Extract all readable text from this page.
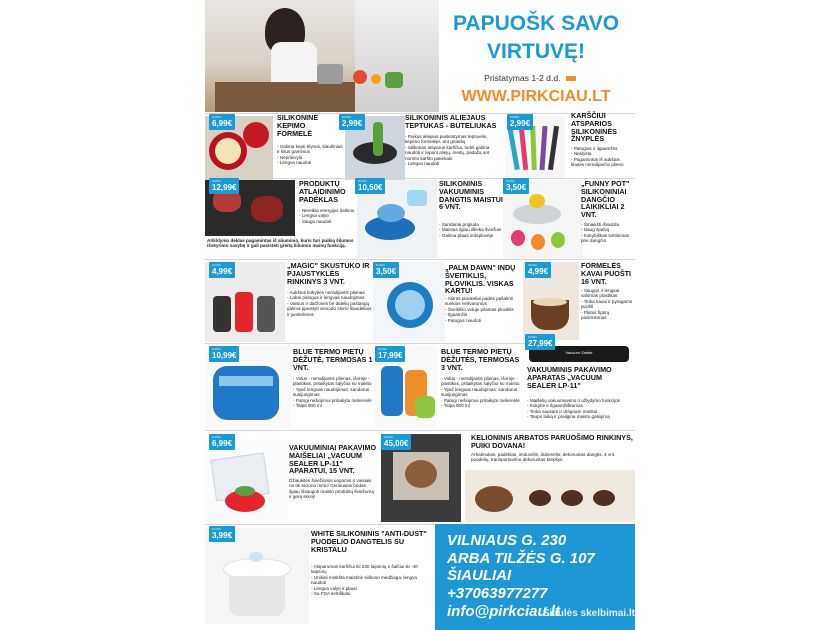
PAPUOŠK SAVO
VIRTUVĘ!
Pristatymas 1-2 d.d.
WWW.PIRKCIAU.LT
KAINA
6,99€
SILIKONINĖ KEPIMO FORMELĖ
- Galima kepti blynus, kiaušinius ir kitus gaminius
- Nepriisvyla
- Lengva naudoti
KAINA
2,99€
SILIKONINIS ALIEJAUS TEPTUKAS - BUTELIUKAS
- Puikus aliejaus paskirstymas teptuvėlu, kepimo formelėje, ant grotelių
- Silikonas atsparus karščiui, todėl galima naudoti ir tepant aliejų, medų, padažą ant norimo karšto patiekalo
- Lengva naudoti
KAINA
2,99€
KARŠČIUI ATSPARIOS SILIKONINĖS ŽNYPLĖS
- Patogios ir ilgaamžės
- Neslysta
- Pagamintos iš aukštos klasės nerūdijančio plieno
KAINA
12,99€	PRODUKTŲ ATLAIDINIMO PADĖKLAS
- Nereikia energijos šaltinio
- Lengva valyti
- Saugu naudoti
Atšildymo dėklas pagamintas iš aliuminio, kuris turi puikią šilumos išskyrimo savybę ir gali pasisteti greitą šilumos mainų funkciją.
KAINA
10,50€	SILIKONINIS VAKUUMINIS DANGTIS MAISTUI 6 VNT.
- Sandariai prigluda
- Maistas ilgiau išlieka šviežias
- Galima plauti indaplovėje
KAINA
3,50€	„FUNNY POT" SILIKONINIAI DANGČIO LAIKIKLIAI 2 VNT.
- Šmaikšti išvaizda
- Daug spalvų
- Kokybiškas tvirtinimas prie dangčio
KAINA
4,99€
„MAGIC" SKUSTUKO IR PJAUSTYKLĖS RINKINYS 3 VNT.
- Aukštos kokybės nerūdijantis plienas
- Labai patogus ir lengvas naudojimas
- Vaisius ir daržoves be didelių pastangų galima pjaustyti vienodo storio šiaudeliais ir juostelėmis
KAINA
3,50€	„PALM DAWN" INDŲ ŠVEITIKLIS, PLOVIKLIS. VISKAS KARTU!
- Atitrūs plaukeliai padės pašalinti sunkius nešvarumus
- Šveitiklio viduje pilamas ploviklis
- Ilgaamžis
- Patogus naudoti
KAINA
4,99€
FORMELĖS KAVAI PUOŠTI 16 VNT.
- Saugus ir lengvai valomas plastikas
- Tinka kavai ir pyragams puošti
- Platus figūrų pasirinkimas
KAINA
10,99€	BLUE TERMO PIETŲ DĖŽUTĖ, TERMOSAS 1 VNT.
- Vidus - nerūdijantis plienas, išorėje - plastikas, pritaikytas sąlyčiui su maistu
- Ypač lengvas naudojimas: sandarus susijungimas
- Patogi nešiojimui pritaikyta rankenėlė
- Talpa 900 ml
KAINA
17,99€	BLUE TERMO PIETŲ DĖŽUTĖS, TERMOSAS 3 VNT.
- Vidus - nerūdijantis plienas, išorėje - plastikas, pritaikytas sąlyčiui su maistu
- Ypač lengvas naudojimas: sandarus susijungimas
- Patogi nešiojimui pritaikyta rankenėlė
- Talpa 900 ml
Vacuum Sealer
KAINA
27,99€
VAKUUMINIS PAKAVIMO APARATAS „VACUUM SEALER LP-11"
- Maišelių vakuumavimo ir užlydymo funkcijos
- Kokybė ir ilgaamžiškumas
- Tinka sausam ir drėgnam maistui
- Taupo laiką ir prailgina maisto galiojimą
KAINA
6,99€	VAKUUMINIAI PAKAVIMO MAIŠELIAI „VACUUM SEALER LP-11" APARATUI, 15 VNT.
Džiaukitės šviežiomis uogomis ir vaisiais ne tik sezono metu! Geriausias būdas ilgiau išsaugoti maisto produktų šviežumą ir gerą skonį!
KAINA
45,00€
KELIONINIS ARBATOS PARUOŠIMO RINKINYS, PUIKI DOVANA!
Arbatinukas, padėklas, imduvėlis, dubenėlis, dekoruotas dangtis, 4 vnt. puodelių, transportavimo dekoruotas krepšys
KAINA
3,99€	WHITE SILIKONINIS "ANTI-DUST" PUODELIO DANGTELIS SU KRISTALU
- Atsparumas karščiui iki 230 laipsnių ir šalčiui iki -40 laipsnių
- Unikali minkšta maistinė silikono medžiaga, lengva naudoti
- Lengva valyti ir plauti
- Su FDA sertifikatu
VILNIAUS G. 230
ARBA TILŽĖS G. 107
ŠIAULIAI
+37063977277
info@pirkciau.lt
Šiaulės skelbimai.lt
